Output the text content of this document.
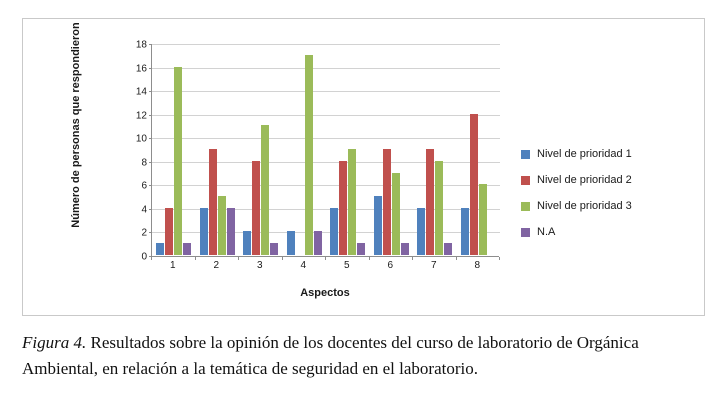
Número de personas que respondieron
0
2
4
6
8
10
12
14
16
18
1	2	3	4	5	6	7	8
Aspectos
Nivel de prioridad 1
Nivel de prioridad 2
Nivel de prioridad 3
N.A
Figura 4. Resultados sobre la opinión de los docentes del curso de laboratorio de Orgánica Ambiental, en relación a la temática de seguridad en el laboratorio.
